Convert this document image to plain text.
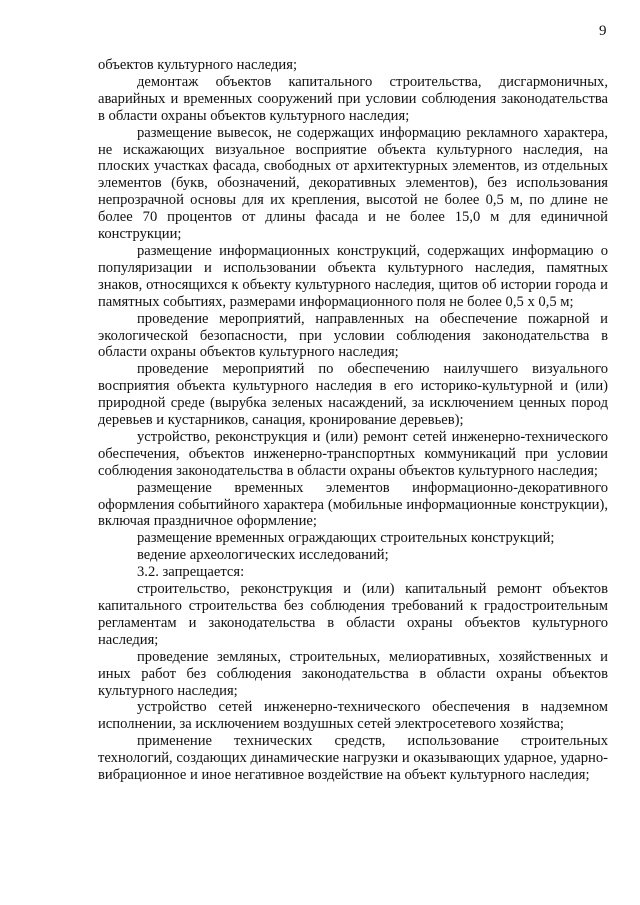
9

объектов культурного наследия;

демонтаж объектов капитального строительства, дисгармоничных, аварийных и временных сооружений при условии соблюдения законодательства в области охраны объектов культурного наследия;

размещение вывесок, не содержащих информацию рекламного характера, не искажающих визуальное восприятие объекта культурного наследия, на плоских участках фасада, свободных от архитектурных элементов, из отдельных элементов (букв, обозначений, декоративных элементов), без использования непрозрачной основы для их крепления, высотой не более 0,5 м, по длине не более 70 процентов от длины фасада и не более 15,0 м для единичной конструкции;

размещение информационных конструкций, содержащих информацию о популяризации и использовании объекта культурного наследия, памятных знаков, относящихся к объекту культурного наследия, щитов об истории города и памятных событиях, размерами информационного поля не более 0,5 х 0,5 м;

проведение мероприятий, направленных на обеспечение пожарной и экологической безопасности, при условии соблюдения законодательства в области охраны объектов культурного наследия;

проведение мероприятий по обеспечению наилучшего визуального восприятия объекта культурного наследия в его историко-культурной и (или) природной среде (вырубка зеленых насаждений, за исключением ценных пород деревьев и кустарников, санация, кронирование деревьев);

устройство, реконструкция и (или) ремонт сетей инженерно-технического обеспечения, объектов инженерно-транспортных коммуникаций при условии соблюдения законодательства в области охраны объектов культурного наследия;

размещение временных элементов информационно-декоративного оформления событийного характера (мобильные информационные конструкции), включая праздничное оформление;

размещение временных ограждающих строительных конструкций;

ведение археологических исследований;

3.2. запрещается:

строительство, реконструкция и (или) капитальный ремонт объектов капитального строительства без соблюдения требований к градостроительным регламентам и законодательства в области охраны объектов культурного наследия;

проведение земляных, строительных, мелиоративных, хозяйственных и иных работ без соблюдения законодательства в области охраны объектов культурного наследия;

устройство сетей инженерно-технического обеспечения в надземном исполнении, за исключением воздушных сетей электросетевого хозяйства;

применение технических средств, использование строительных технологий, создающих динамические нагрузки и оказывающих ударное, ударно-вибрационное и иное негативное воздействие на объект культурного наследия;
